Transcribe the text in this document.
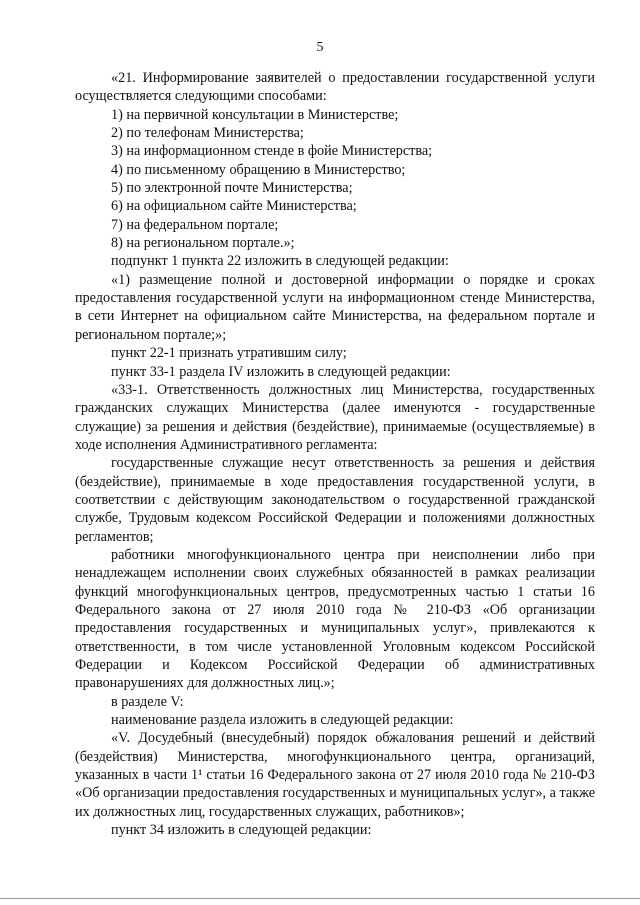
5

«21. Информирование заявителей о предоставлении государственной услуги осуществляется следующими способами:

1) на первичной консультации в Министерстве;

2) по телефонам Министерства;

3) на информационном стенде в фойе Министерства;

4) по письменному обращению в Министерство;

5) по электронной почте Министерства;

6) на официальном сайте Министерства;

7) на федеральном портале;

8) на региональном портале.»;

подпункт 1 пункта 22 изложить в следующей редакции:

«1) размещение полной и достоверной информации о порядке и сроках предоставления государственной услуги на информационном стенде Министерства, в сети Интернет на официальном сайте Министерства, на федеральном портале и региональном портале;»;

пункт 22-1 признать утратившим силу;

пункт 33-1 раздела IV изложить в следующей редакции:

«33-1. Ответственность должностных лиц Министерства, государственных гражданских служащих Министерства (далее именуются - государственные служащие) за решения и действия (бездействие), принимаемые (осуществляемые) в ходе исполнения Административного регламента:

государственные служащие несут ответственность за решения и действия (бездействие), принимаемые в ходе предоставления государственной услуги, в соответствии с действующим законодательством о государственной гражданской службе, Трудовым кодексом Российской Федерации и положениями должностных регламентов;

работники многофункционального центра при неисполнении либо при ненадлежащем исполнении своих служебных обязанностей в рамках реализации функций многофункциональных центров, предусмотренных частью 1 статьи 16 Федерального закона от 27 июля 2010 года № 210-ФЗ «Об организации предоставления государственных и муниципальных услуг», привлекаются к ответственности, в том числе установленной Уголовным кодексом Российской Федерации и Кодексом Российской Федерации об административных правонарушениях для должностных лиц.»;

в разделе V:

наименование раздела изложить в следующей редакции:

«V. Досудебный (внесудебный) порядок обжалования решений и действий (бездействия) Министерства, многофункционального центра, организаций, указанных в части 1¹ статьи 16 Федерального закона от 27 июля 2010 года № 210-ФЗ «Об организации предоставления государственных и муниципальных услуг», а также их должностных лиц, государственных служащих, работников»;

пункт 34 изложить в следующей редакции:
